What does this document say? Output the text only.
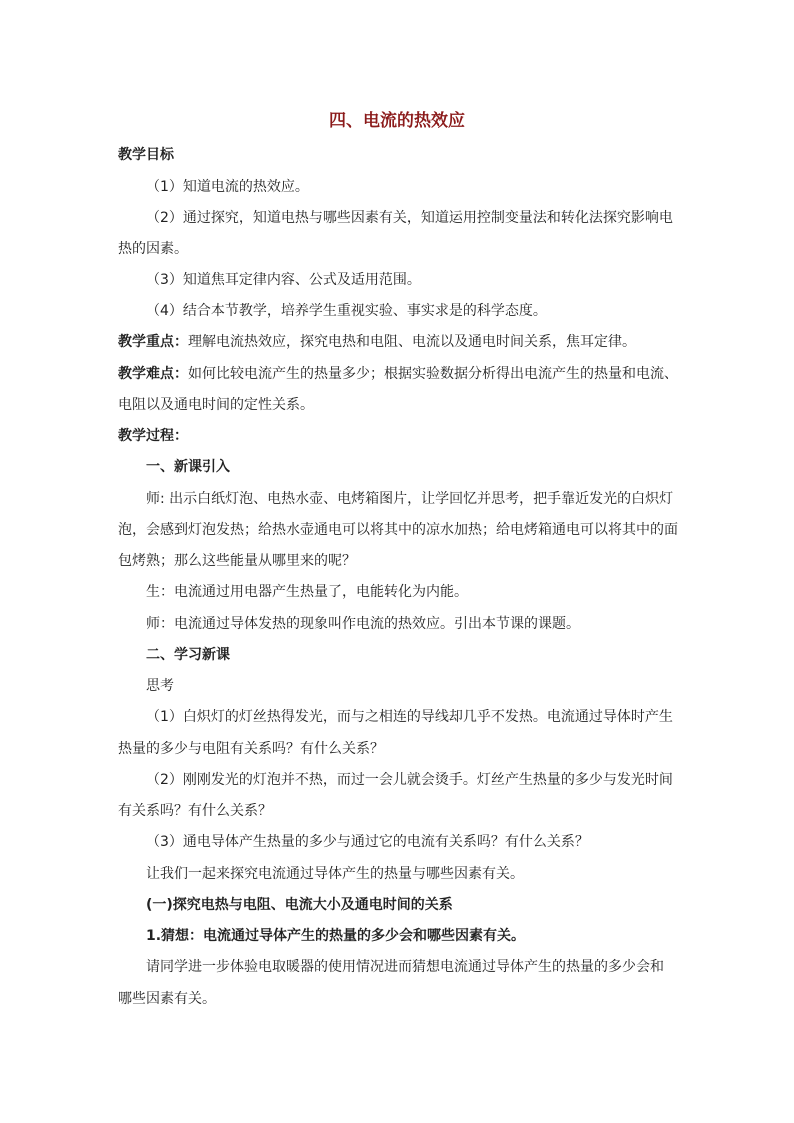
四、电流的热效应
教学目标
（1）知道电流的热效应。
（2）通过探究，知道电热与哪些因素有关，知道运用控制变量法和转化法探究影响电
热的因素。
（3）知道焦耳定律内容、公式及适用范围。
（4）结合本节教学，培养学生重视实验、事实求是的科学态度。
教学重点：理解电流热效应，探究电热和电阻、电流以及通电时间关系，焦耳定律。
教学难点：如何比较电流产生的热量多少；根据实验数据分析得出电流产生的热量和电流、
电阻以及通电时间的定性关系。
教学过程：
一、新课引入
师: 出示白纸灯泡、电热水壶、电烤箱图片，让学回忆并思考，把手靠近发光的白炽灯
泡，会感到灯泡发热；给热水壶通电可以将其中的凉水加热；给电烤箱通电可以将其中的面
包烤熟；那么这些能量从哪里来的呢？
生：电流通过用电器产生热量了，电能转化为内能。
师：电流通过导体发热的现象叫作电流的热效应。引出本节课的课题。
二、学习新课
思考
（1）白炽灯的灯丝热得发光，而与之相连的导线却几乎不发热。电流通过导体时产生
热量的多少与电阻有关系吗？有什么关系？
（2）刚刚发光的灯泡并不热，而过一会儿就会烫手。灯丝产生热量的多少与发光时间
有关系吗？有什么关系？
（3）通电导体产生热量的多少与通过它的电流有关系吗？有什么关系？
让我们一起来探究电流通过导体产生的热量与哪些因素有关。
(一)探究电热与电阻、电流大小及通电时间的关系
1.猜想：电流通过导体产生的热量的多少会和哪些因素有关。
请同学进一步体验电取暖器的使用情况进而猜想电流通过导体产生的热量的多少会和
哪些因素有关。
